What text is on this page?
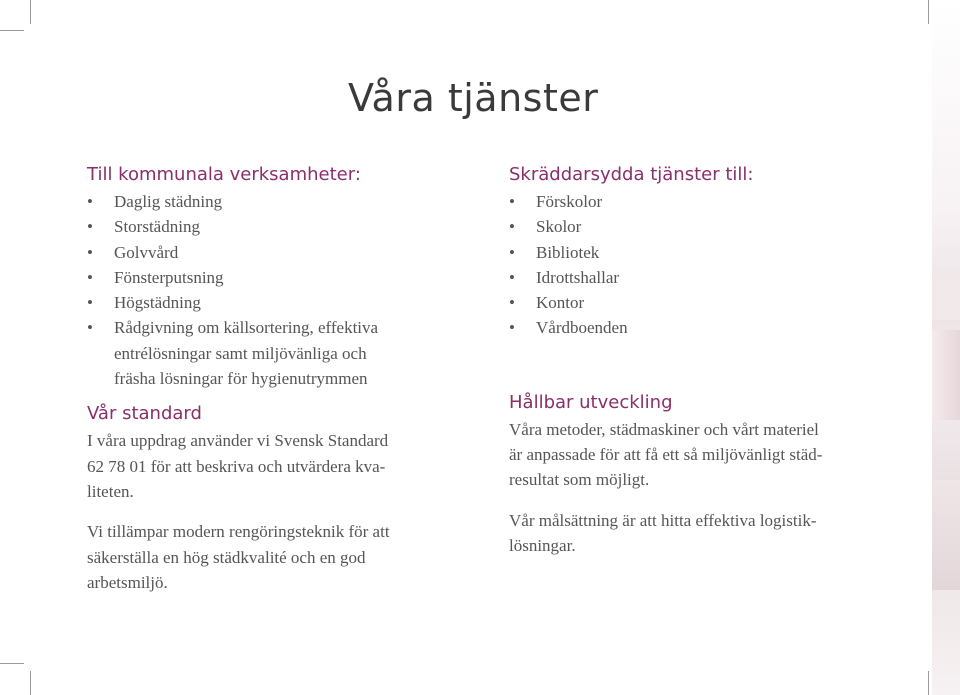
Våra tjänster
Till kommunala verksamheter:
• Daglig städning
• Storstädning
• Golvvård
• Fönsterputsning
• Högstädning
• Rådgivning om källsortering, effektiva
entrélösningar samt miljövänliga och
fräsha lösningar för hygienutrymmen
Vår standard

I våra uppdrag använder vi Svensk Standard
62 78 01 för att beskriva och utvärdera kva-
liteten.

Vi tillämpar modern rengöringsteknik för att
säkerställa en hög städkvalité och en god
arbetsmiljö.

Skräddarsydda tjänster till:
• Förskolor
• Skolor
• Bibliotek
• Idrottshallar
• Kontor
• Vårdboenden
Hållbar utveckling

Våra metoder, städmaskiner och vårt materiel
är anpassade för att få ett så miljövänligt städ-
resultat som möjligt.

Vår målsättning är att hitta effektiva logistik-
lösningar.
